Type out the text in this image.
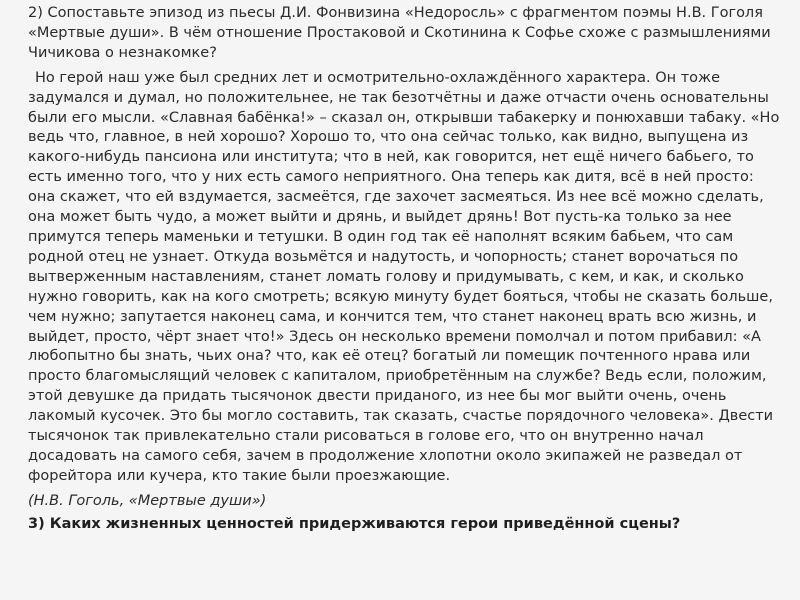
2) Сопоставьте эпизод из пьесы Д.И. Фонвизина «Недоросль» с фрагментом поэмы Н.В. Гоголя «Мертвые души». В чём отношение Простаковой и Скотинина к Софье схоже с размышлениями Чичикова о незнакомке?

Но герой наш уже был средних лет и осмотрительно-охлаждённого характера. Он тоже задумался и думал, но положительнее, не так безотчётны и даже отчасти очень основательны были его мысли. «Славная бабёнка!» – сказал он, открывши табакерку и понюхавши табаку. «Но ведь что, главное, в ней хорошо? Хорошо то, что она сейчас только, как видно, выпущена из какого-нибудь пансиона или института; что в ней, как говорится, нет ещё ничего бабьего, то есть именно того, что у них есть самого неприятного. Она теперь как дитя, всё в ней просто: она скажет, что ей вздумается, засмеётся, где захочет засмеяться. Из нее всё можно сделать, она может быть чудо, а может выйти и дрянь, и выйдет дрянь! Вот пусть-ка только за нее примутся теперь маменьки и тетушки. В один год так её наполнят всяким бабьем, что сам родной отец не узнает. Откуда возьмётся и надутость, и чопорность; станет ворочаться по вытверженным наставлениям, станет ломать голову и придумывать, с кем, и как, и сколько нужно говорить, как на кого смотреть; всякую минуту будет бояться, чтобы не сказать больше, чем нужно; запутается наконец сама, и кончится тем, что станет наконец врать всю жизнь, и выйдет, просто, чёрт знает что!» Здесь он несколько времени помолчал и потом прибавил: «А любопытно бы знать, чьих она? что, как её отец? богатый ли помещик почтенного нрава или просто благомыслящий человек с капиталом, приобретённым на службе? Ведь если, положим, этой девушке да придать тысячонок двести приданого, из нее бы мог выйти очень, очень лакомый кусочек. Это бы могло составить, так сказать, счастье порядочного человека». Двести тысячонок так привлекательно стали рисоваться в голове его, что он внутренно начал досадовать на самого себя, зачем в продолжение хлопотни около экипажей не разведал от форейтора или кучера, кто такие были проезжающие.

(Н.В. Гоголь, «Мертвые души»)

3) Каких жизненных ценностей придерживаются герои приведённой сцены?
